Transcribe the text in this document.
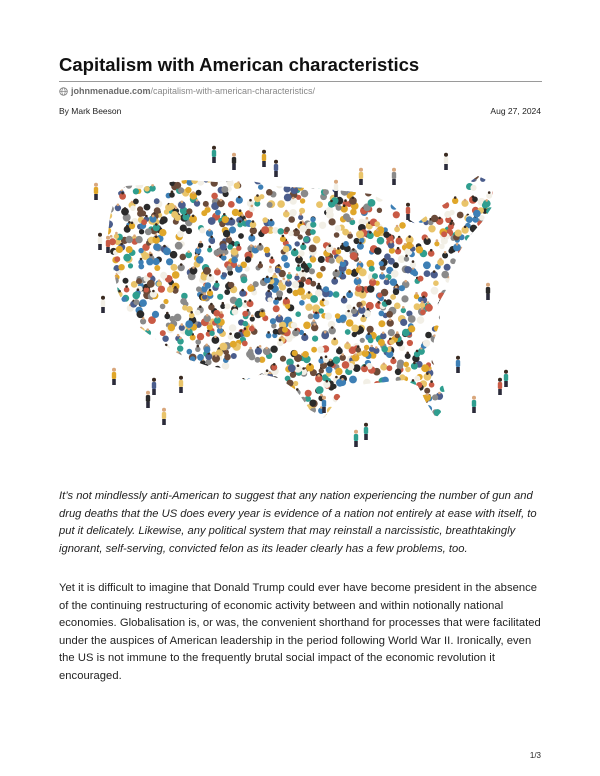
Capitalism with American characteristics
johnmenadue.com/capitalism-with-american-characteristics/
By Mark Beeson	Aug 27, 2024

It’s not mindlessly anti-American to suggest that any nation experiencing the number of gun and drug deaths that the US does every year is evidence of a nation not entirely at ease with itself, to put it delicately. Likewise, any political system that may reinstall a narcissistic, breathtakingly ignorant, self-serving, convicted felon as its leader clearly has a few problems, too.

Yet it is difficult to imagine that Donald Trump could ever have become president in the absence of the continuing restructuring of economic activity between and within notionally national economies. Globalisation is, or was, the convenient shorthand for processes that were facilitated under the auspices of American leadership in the period following World War II. Ironically, even the US is not immune to the frequently brutal social impact of the economic revolution it encouraged.

1/3
